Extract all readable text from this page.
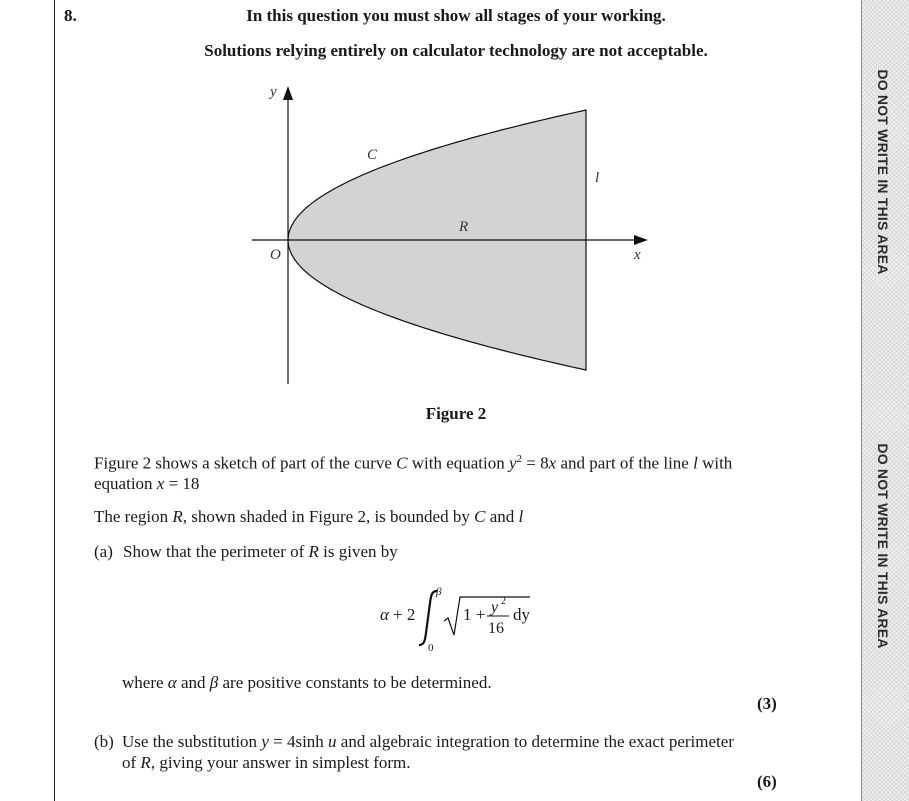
8.	In this question you must show all stages of your working.
Solutions relying entirely on calculator technology are not acceptable.
y
x
O
C
R
l
Figure 2
Figure 2 shows a sketch of part of the curve C with equation $y^2 = 8x$ and part of the line l with equation x = 18
The region R, shown shaded in Figure 2, is bounded by C and l
(a) Show that the perimeter of R is given by
α + 2
β
0
1 + y 2
16
dy
where α and β are positive constants to be determined.
(3)
(b) Use the substitution y = 4sinh u and algebraic integration to determine the exact perimeter of R, giving your answer in simplest form.
(6)
DO NOT WRITE IN THIS AREA
DO NOT WRITE IN THIS AREA
